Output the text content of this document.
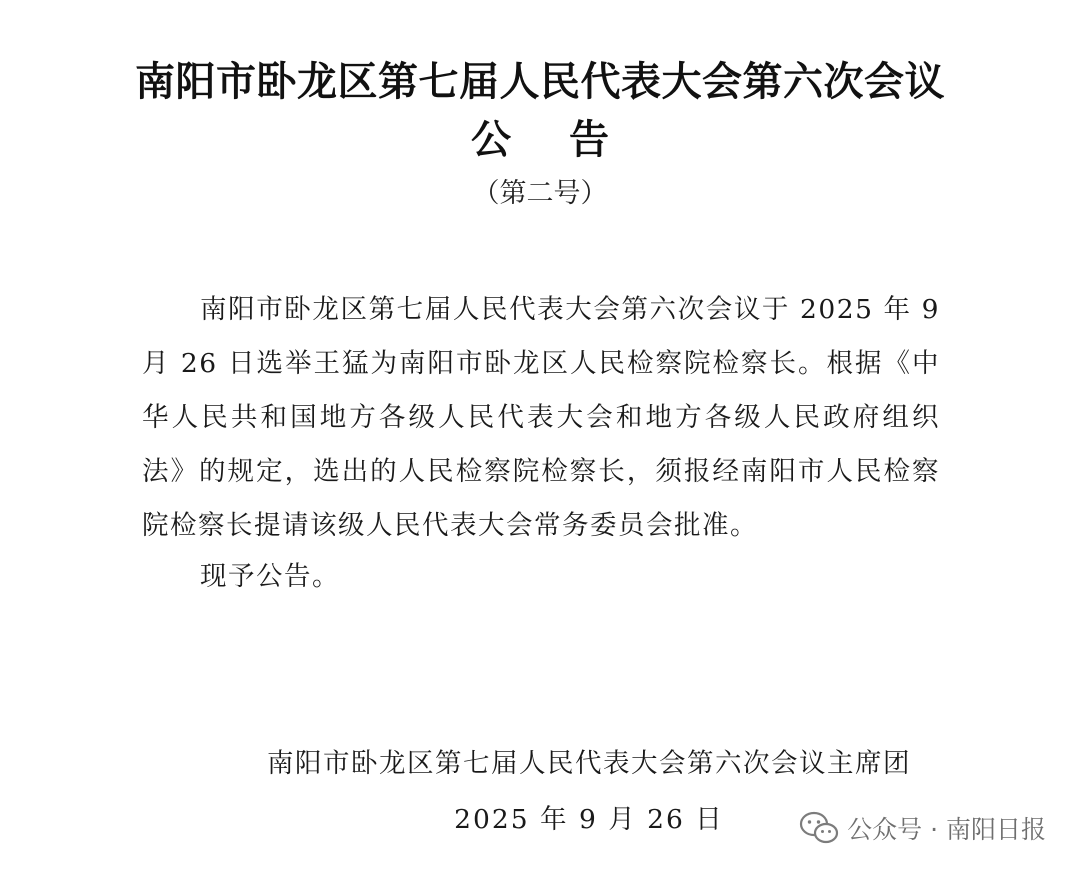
南阳市卧龙区第七届人民代表大会第六次会议
公告
（第二号）

南阳市卧龙区第七届人民代表大会第六次会议于 2025 年 9 月 26 日选举王猛为南阳市卧龙区人民检察院检察长。根据《中华人民共和国地方各级人民代表大会和地方各级人民政府组织法》的规定，选出的人民检察院检察长，须报经南阳市人民检察院检察长提请该级人民代表大会常务委员会批准。

现予公告。

南阳市卧龙区第七届人民代表大会第六次会议主席团
2025 年 9 月 26 日	公众号 · 南阳日报
